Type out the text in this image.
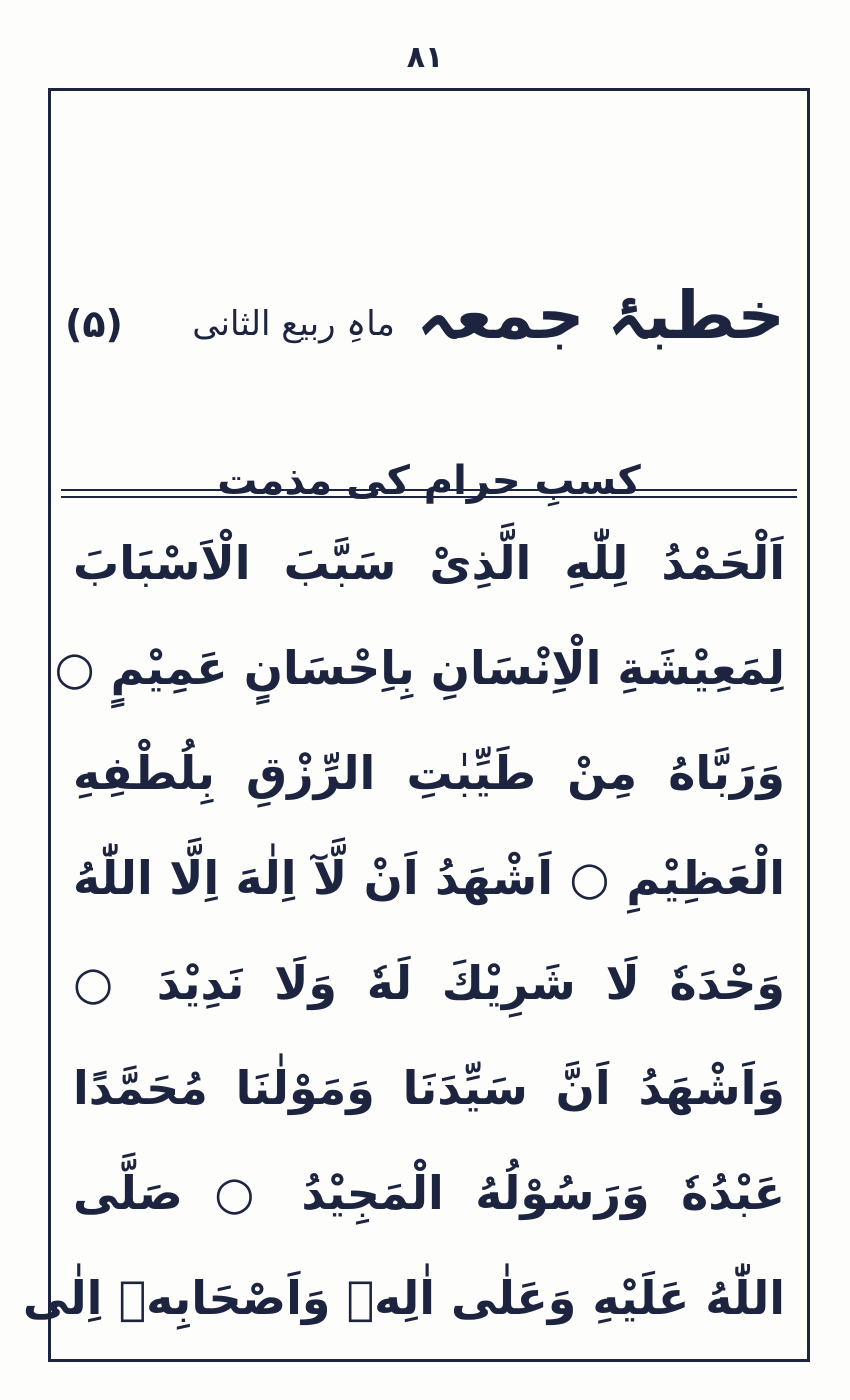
٨١
خطبۂ جمعہ
ماہِ ربیع الثانی
(۵)
کسبِ حرام کی مذمت
اَلْحَمْدُ لِلّٰهِ الَّذِىْ سَبَّبَ الْاَسْبَابَ
لِمَعِيْشَةِ الْاِنْسَانِ بِاِحْسَانٍ عَمِيْمٍ ○
وَرَبَّاهُ مِنْ طَيِّبٰتِ الرِّزْقِ بِلُطْفِهِ
الْعَظِيْمِ ○ اَشْهَدُ اَنْ لَّآ اِلٰهَ اِلَّا اللّٰهُ
وَحْدَهٗ لَا شَرِيْكَ لَهٗ وَلَا نَدِيْدَ ○
وَاَشْهَدُ اَنَّ سَيِّدَنَا وَمَوْلٰنَا مُحَمَّدًا
عَبْدُهٗ وَرَسُوْلُهُ الْمَجِيْدُ ○ صَلَّى
اللّٰهُ عَلَيْهِ وَعَلٰى اٰلِهٖ وَاَصْحَابِهٖ اِلٰى
